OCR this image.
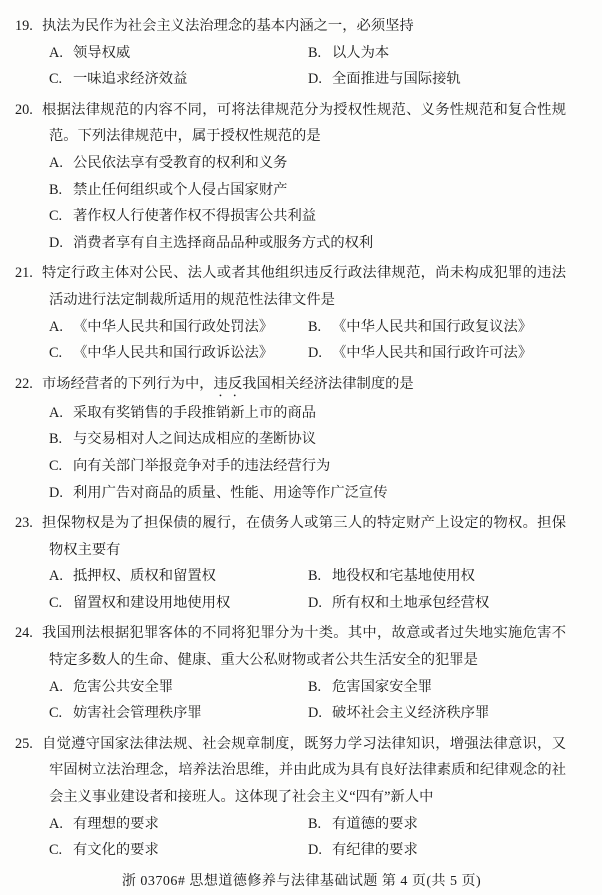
19. 执法为民作为社会主义法治理念的基本内涵之一，必须坚持
A. 领导权威	B. 以人为本
C. 一味追求经济效益	D. 全面推进与国际接轨
20. 根据法律规范的内容不同，可将法律规范分为授权性规范、义务性规范和复合性规范。下列法律规范中，属于授权性规范的是
A. 公民依法享有受教育的权利和义务
B. 禁止任何组织或个人侵占国家财产
C. 著作权人行使著作权不得损害公共利益
D. 消费者享有自主选择商品品种或服务方式的权利
21. 特定行政主体对公民、法人或者其他组织违反行政法律规范，尚未构成犯罪的违法活动进行法定制裁所适用的规范性法律文件是
A. 《中华人民共和国行政处罚法》	B. 《中华人民共和国行政复议法》
C. 《中华人民共和国行政诉讼法》	D. 《中华人民共和国行政许可法》
22. 市场经营者的下列行为中，违反我国相关经济法律制度的是
A. 采取有奖销售的手段推销新上市的商品
B. 与交易相对人之间达成相应的垄断协议
C. 向有关部门举报竞争对手的违法经营行为
D. 利用广告对商品的质量、性能、用途等作广泛宣传
23. 担保物权是为了担保债的履行，在债务人或第三人的特定财产上设定的物权。担保物权主要有
A. 抵押权、质权和留置权	B. 地役权和宅基地使用权
C. 留置权和建设用地使用权	D. 所有权和土地承包经营权
24. 我国刑法根据犯罪客体的不同将犯罪分为十类。其中，故意或者过失地实施危害不特定多数人的生命、健康、重大公私财物或者公共生活安全的犯罪是
A. 危害公共安全罪	B. 危害国家安全罪
C. 妨害社会管理秩序罪	D. 破坏社会主义经济秩序罪
25. 自觉遵守国家法律法规、社会规章制度，既努力学习法律知识，增强法律意识，又牢固树立法治理念，培养法治思维，并由此成为具有良好法律素质和纪律观念的社会主义事业建设者和接班人。这体现了社会主义“四有”新人中
A. 有理想的要求	B. 有道德的要求
C. 有文化的要求	D. 有纪律的要求
浙 03706# 思想道德修养与法律基础试题 第 4 页(共 5 页)
